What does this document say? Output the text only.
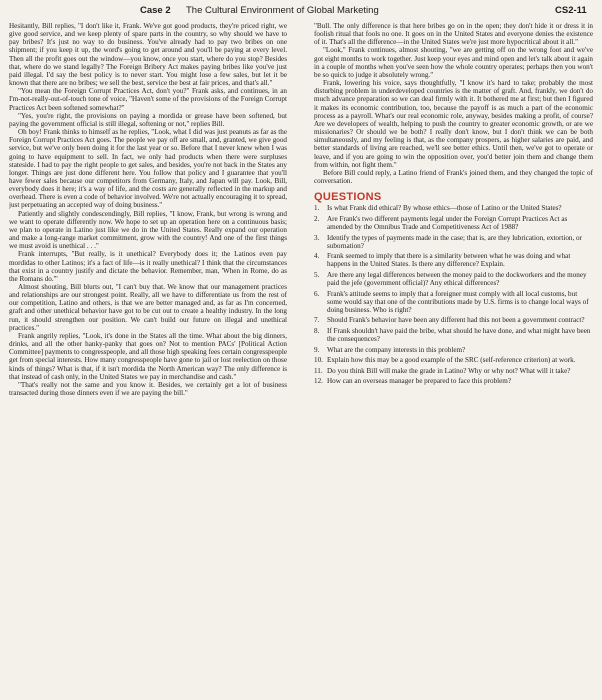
Case 2 The Cultural Environment of Global Marketing	CS2-11

Hesitantly, Bill replies, "I don't like it, Frank. We've got good products, they're priced right, we give good service, and we keep plenty of spare parts in the country, so why should we have to pay bribes? It's just no way to do business. You've already had to pay two bribes on one shipment; if you keep it up, the word's going to get around and you'll be paying at every level. Then all the profit goes out the window—you know, once you start, where do you stop? Besides that, where do we stand legally? The Foreign Bribery Act makes paying bribes like you've just paid illegal. I'd say the best policy is to never start. You might lose a few sales, but let it be known that there are no bribes; we sell the best, service the best at fair prices, and that's all."

"You mean the Foreign Corrupt Practices Act, don't you?" Frank asks, and continues, in an I'm-not-really-out-of-touch tone of voice, "Haven't some of the provisions of the Foreign Corrupt Practices Act been softened somewhat?"

"Yes, you're right, the provisions on paying a mordida or grease have been softened, but paying the government official is still illegal, softening or not," replies Bill.

Oh boy! Frank thinks to himself as he replies, "Look, what I did was just peanuts as far as the Foreign Corrupt Practices Act goes. The people we pay off are small, and, granted, we give good service, but we've only been doing it for the last year or so. Before that I never knew when I was going to have equipment to sell. In fact, we only had products when there were surpluses stateside. I had to pay the right people to get sales, and besides, you're not back in the States any longer. Things are just done different here. You follow that policy and I guarantee that you'll have fewer sales because our competitors from Germany, Italy, and Japan will pay. Look, Bill, everybody does it here; it's a way of life, and the costs are generally reflected in the markup and overhead. There is even a code of behavior involved. We're not actually encouraging it to spread, just perpetuating an accepted way of doing business."

Patiently and slightly condescendingly, Bill replies, "I know, Frank, but wrong is wrong and we want to operate differently now. We hope to set up an operation here on a continuous basis; we plan to operate in Latino just like we do in the United States. Really expand our operation and make a long-range market commitment, grow with the country! And one of the first things we must avoid is unethical . . ."

Frank interrupts, "But really, is it unethical? Everybody does it; the Latinos even pay mordidas to other Latinos; it's a fact of life—is it really unethical? I think that the circumstances that exist in a country justify and dictate the behavior. Remember, man, 'When in Rome, do as the Romans do.'"

Almost shouting, Bill blurts out, "I can't buy that. We know that our management practices and relationships are our strongest point. Really, all we have to differentiate us from the rest of our competition, Latino and others, is that we are better managed and, as far as I'm concerned, graft and other unethical behavior have got to be cut out to create a healthy industry. In the long run, it should strengthen our position. We can't build our future on illegal and unethical practices."

Frank angrily replies, "Look, it's done in the States all the time. What about the big dinners, drinks, and all the other hanky-panky that goes on? Not to mention PACs' [Political Action Committee] payments to congresspeople, and all those high speaking fees certain congresspeople get from special interests. How many congresspeople have gone to jail or lost reelection on those kinds of things? What is that, if it isn't mordida the North American way? The only difference is that instead of cash only, in the United States we pay in merchandise and cash."

"That's really not the same and you know it. Besides, we certainly get a lot of business transacted during those dinners even if we are paying the bill."

"Bull. The only difference is that here bribes go on in the open; they don't hide it or dress it in foolish ritual that fools no one. It goes on in the United States and everyone denies the existence of it. That's all the difference—in the United States we're just more hypocritical about it all."

"Look," Frank continues, almost shouting, "we are getting off on the wrong foot and we've got eight months to work together. Just keep your eyes and mind open and let's talk about it again in a couple of months when you've seen how the whole country operates; perhaps then you won't be so quick to judge it absolutely wrong."

Frank, lowering his voice, says thoughtfully, "I know it's hard to take; probably the most disturbing problem in underdeveloped countries is the matter of graft. And, frankly, we don't do much advance preparation so we can deal firmly with it. It bothered me at first; but then I figured it makes its economic contribution, too, because the payoff is as much a part of the economic process as a payroll. What's our real economic role, anyway, besides making a profit, of course? Are we developers of wealth, helping to push the country to greater economic growth, or are we missionaries? Or should we be both? I really don't know, but I don't think we can be both simultaneously, and my feeling is that, as the company prospers, as higher salaries are paid, and better standards of living are reached, we'll see better ethics. Until then, we've got to operate or leave, and if you are going to win the opposition over, you'd better join them and change them from within, not fight them."

Before Bill could reply, a Latino friend of Frank's joined them, and they changed the topic of conversation.

QUESTIONS
1. Is what Frank did ethical? By whose ethics—those of Latino or the United States?
2. Are Frank's two different payments legal under the Foreign Corrupt Practices Act as amended by the Omnibus Trade and Competitiveness Act of 1988?
3. Identify the types of payments made in the case; that is, are they lubrication, extortion, or subornation?
4. Frank seemed to imply that there is a similarity between what he was doing and what happens in the United States. Is there any difference? Explain.
5. Are there any legal differences between the money paid to the dockworkers and the money paid the jefe (government official)? Any ethical differences?
6. Frank's attitude seems to imply that a foreigner must comply with all local customs, but some would say that one of the contributions made by U.S. firms is to change local ways of doing business. Who is right?
7. Should Frank's behavior have been any different had this not been a government contract?
8. If Frank shouldn't have paid the bribe, what should he have done, and what might have been the consequences?
9. What are the company interests in this problem?
10. Explain how this may be a good example of the SRC (self-reference criterion) at work.
11. Do you think Bill will make the grade in Latino? Why or why not? What will it take?
12. How can an overseas manager be prepared to face this problem?
